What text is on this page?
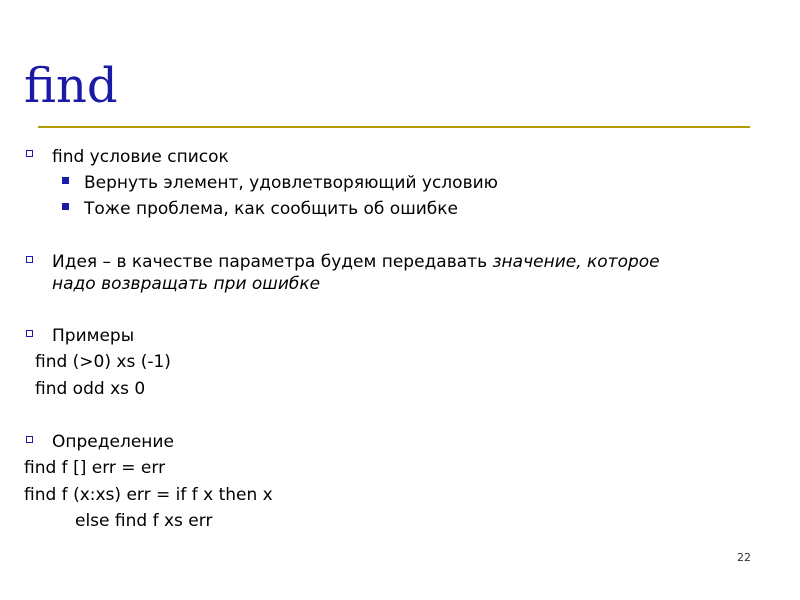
find
find условие список
Вернуть элемент, удовлетворяющий условию
Тоже проблема, как сообщить об ошибке
Идея – в качестве параметра будем передавать значение, которое
надо возвращать при ошибке
Примеры
find (>0) xs (-1)
find odd xs 0
Определение
find f [] err = err
find f (x:xs) err = if f x then x
else find f xs err
22
